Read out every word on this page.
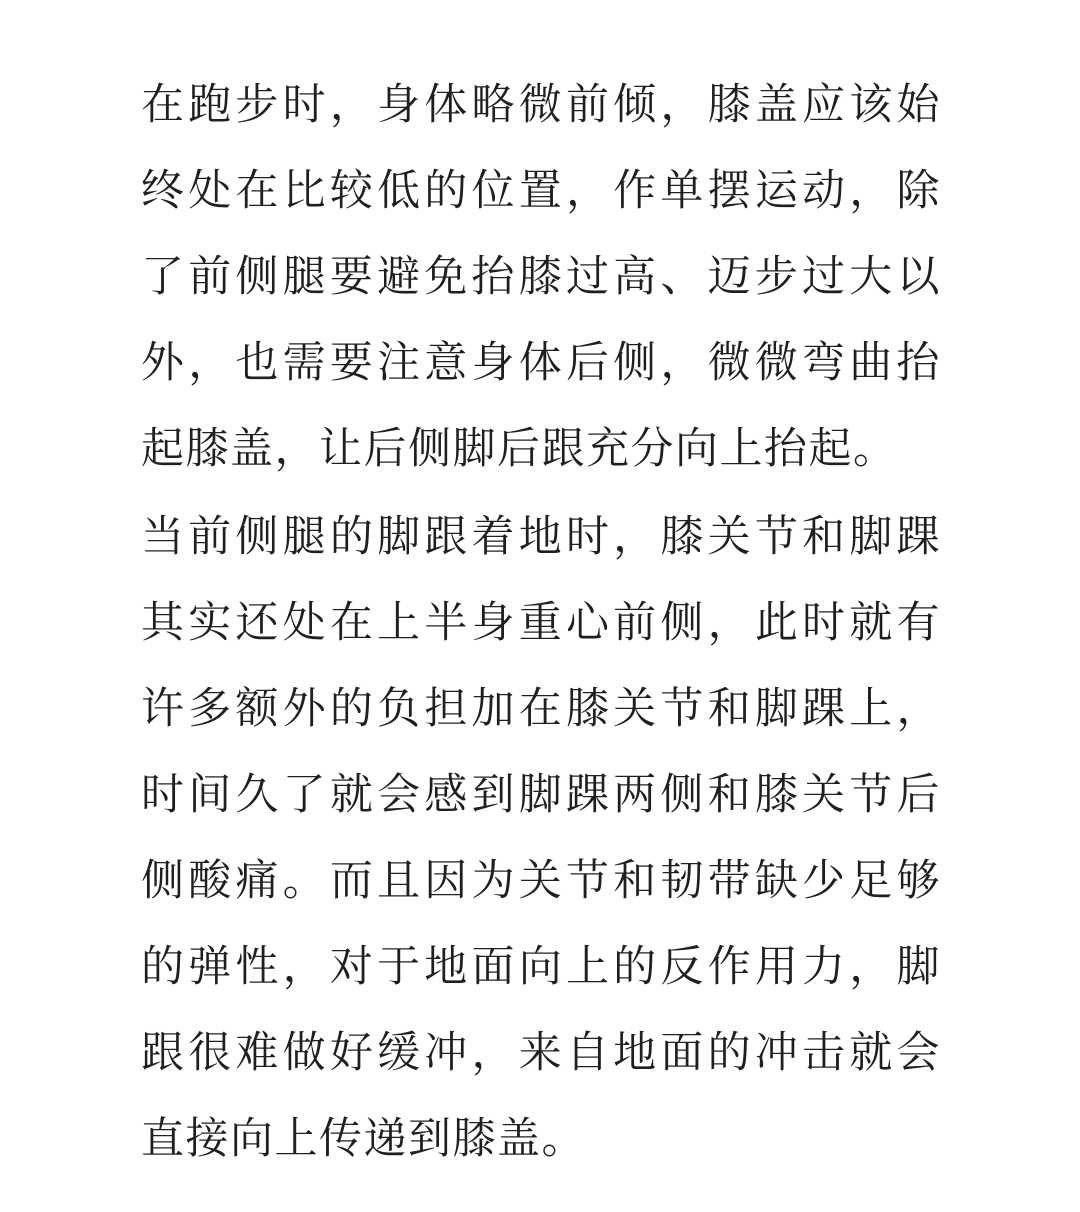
在跑步时，身体略微前倾，膝盖应该始
终处在比较低的位置，作单摆运动，除
了前侧腿要避免抬膝过高、迈步过大以
外，也需要注意身体后侧，微微弯曲抬
起膝盖，让后侧脚后跟充分向上抬起。
当前侧腿的脚跟着地时，膝关节和脚踝
其实还处在上半身重心前侧，此时就有
许多额外的负担加在膝关节和脚踝上，
时间久了就会感到脚踝两侧和膝关节后
侧酸痛。而且因为关节和韧带缺少足够
的弹性，对于地面向上的反作用力，脚
跟很难做好缓冲，来自地面的冲击就会
直接向上传递到膝盖。
